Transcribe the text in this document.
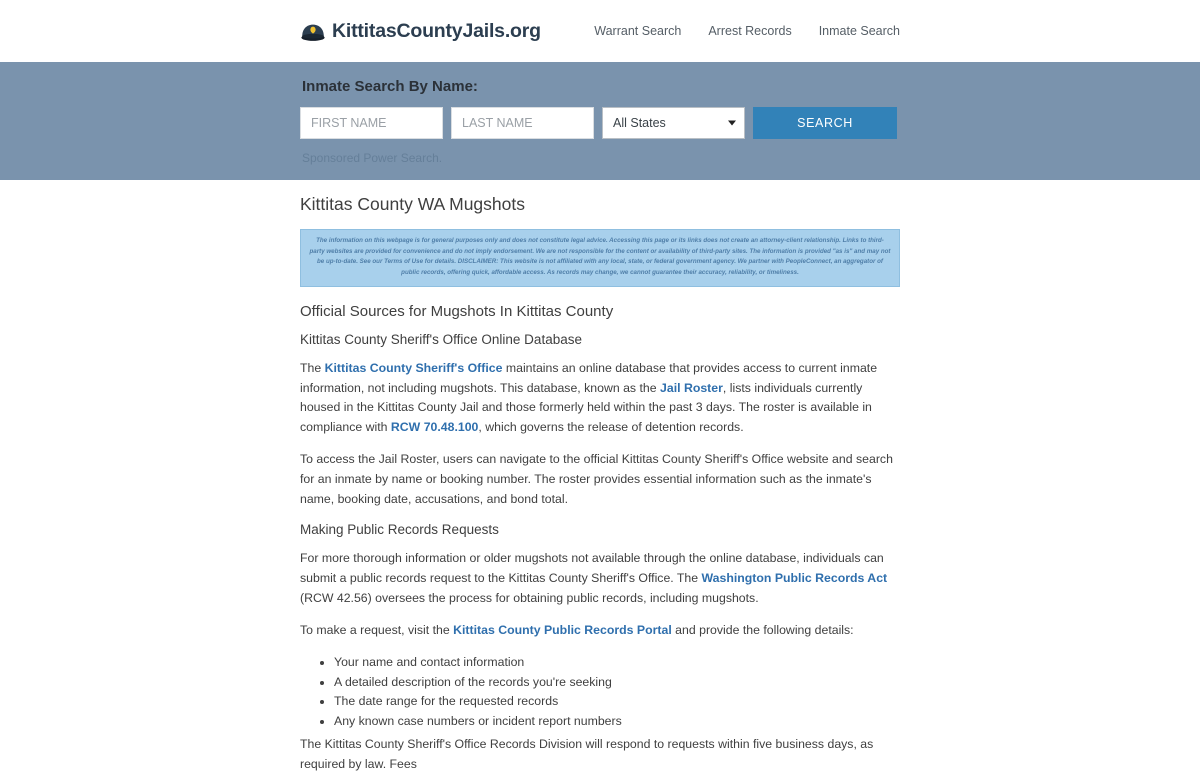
KittitasCountyJails.org	Warrant Search Arrest Records Inmate Search
Inmate Search By Name:
FIRST NAME
LAST NAME
All States	SEARCH
Sponsored Power Search.
Kittitas County WA Mugshots

The information on this webpage is for general purposes only and does not constitute legal advice. Accessing this page or its links does not create an attorney-client relationship. Links to third-party websites are provided for convenience and do not imply endorsement. We are not responsible for the content or availability of third-party sites. The information is provided "as is" and may not be up-to-date. See our Terms of Use for details. DISCLAIMER: This website is not affiliated with any local, state, or federal government agency. We partner with PeopleConnect, an aggregator of public records, offering quick, affordable access. As records may change, we cannot guarantee their accuracy, reliability, or timeliness.

Official Sources for Mugshots In Kittitas County
Kittitas County Sheriff's Office Online Database

The Kittitas County Sheriff's Office maintains an online database that provides access to current inmate information, not including mugshots. This database, known as the Jail Roster, lists individuals currently housed in the Kittitas County Jail and those formerly held within the past 3 days. The roster is available in compliance with RCW 70.48.100, which governs the release of detention records.

To access the Jail Roster, users can navigate to the official Kittitas County Sheriff's Office website and search for an inmate by name or booking number. The roster provides essential information such as the inmate's name, booking date, accusations, and bond total.

Making Public Records Requests

For more thorough information or older mugshots not available through the online database, individuals can submit a public records request to the Kittitas County Sheriff's Office. The Washington Public Records Act (RCW 42.56) oversees the process for obtaining public records, including mugshots.

To make a request, visit the Kittitas County Public Records Portal and provide the following details:

• Your name and contact information
• A detailed description of the records you're seeking
• The date range for the requested records
• Any known case numbers or incident report numbers

The Kittitas County Sheriff's Office Records Division will respond to requests within five business days, as required by law. Fees
